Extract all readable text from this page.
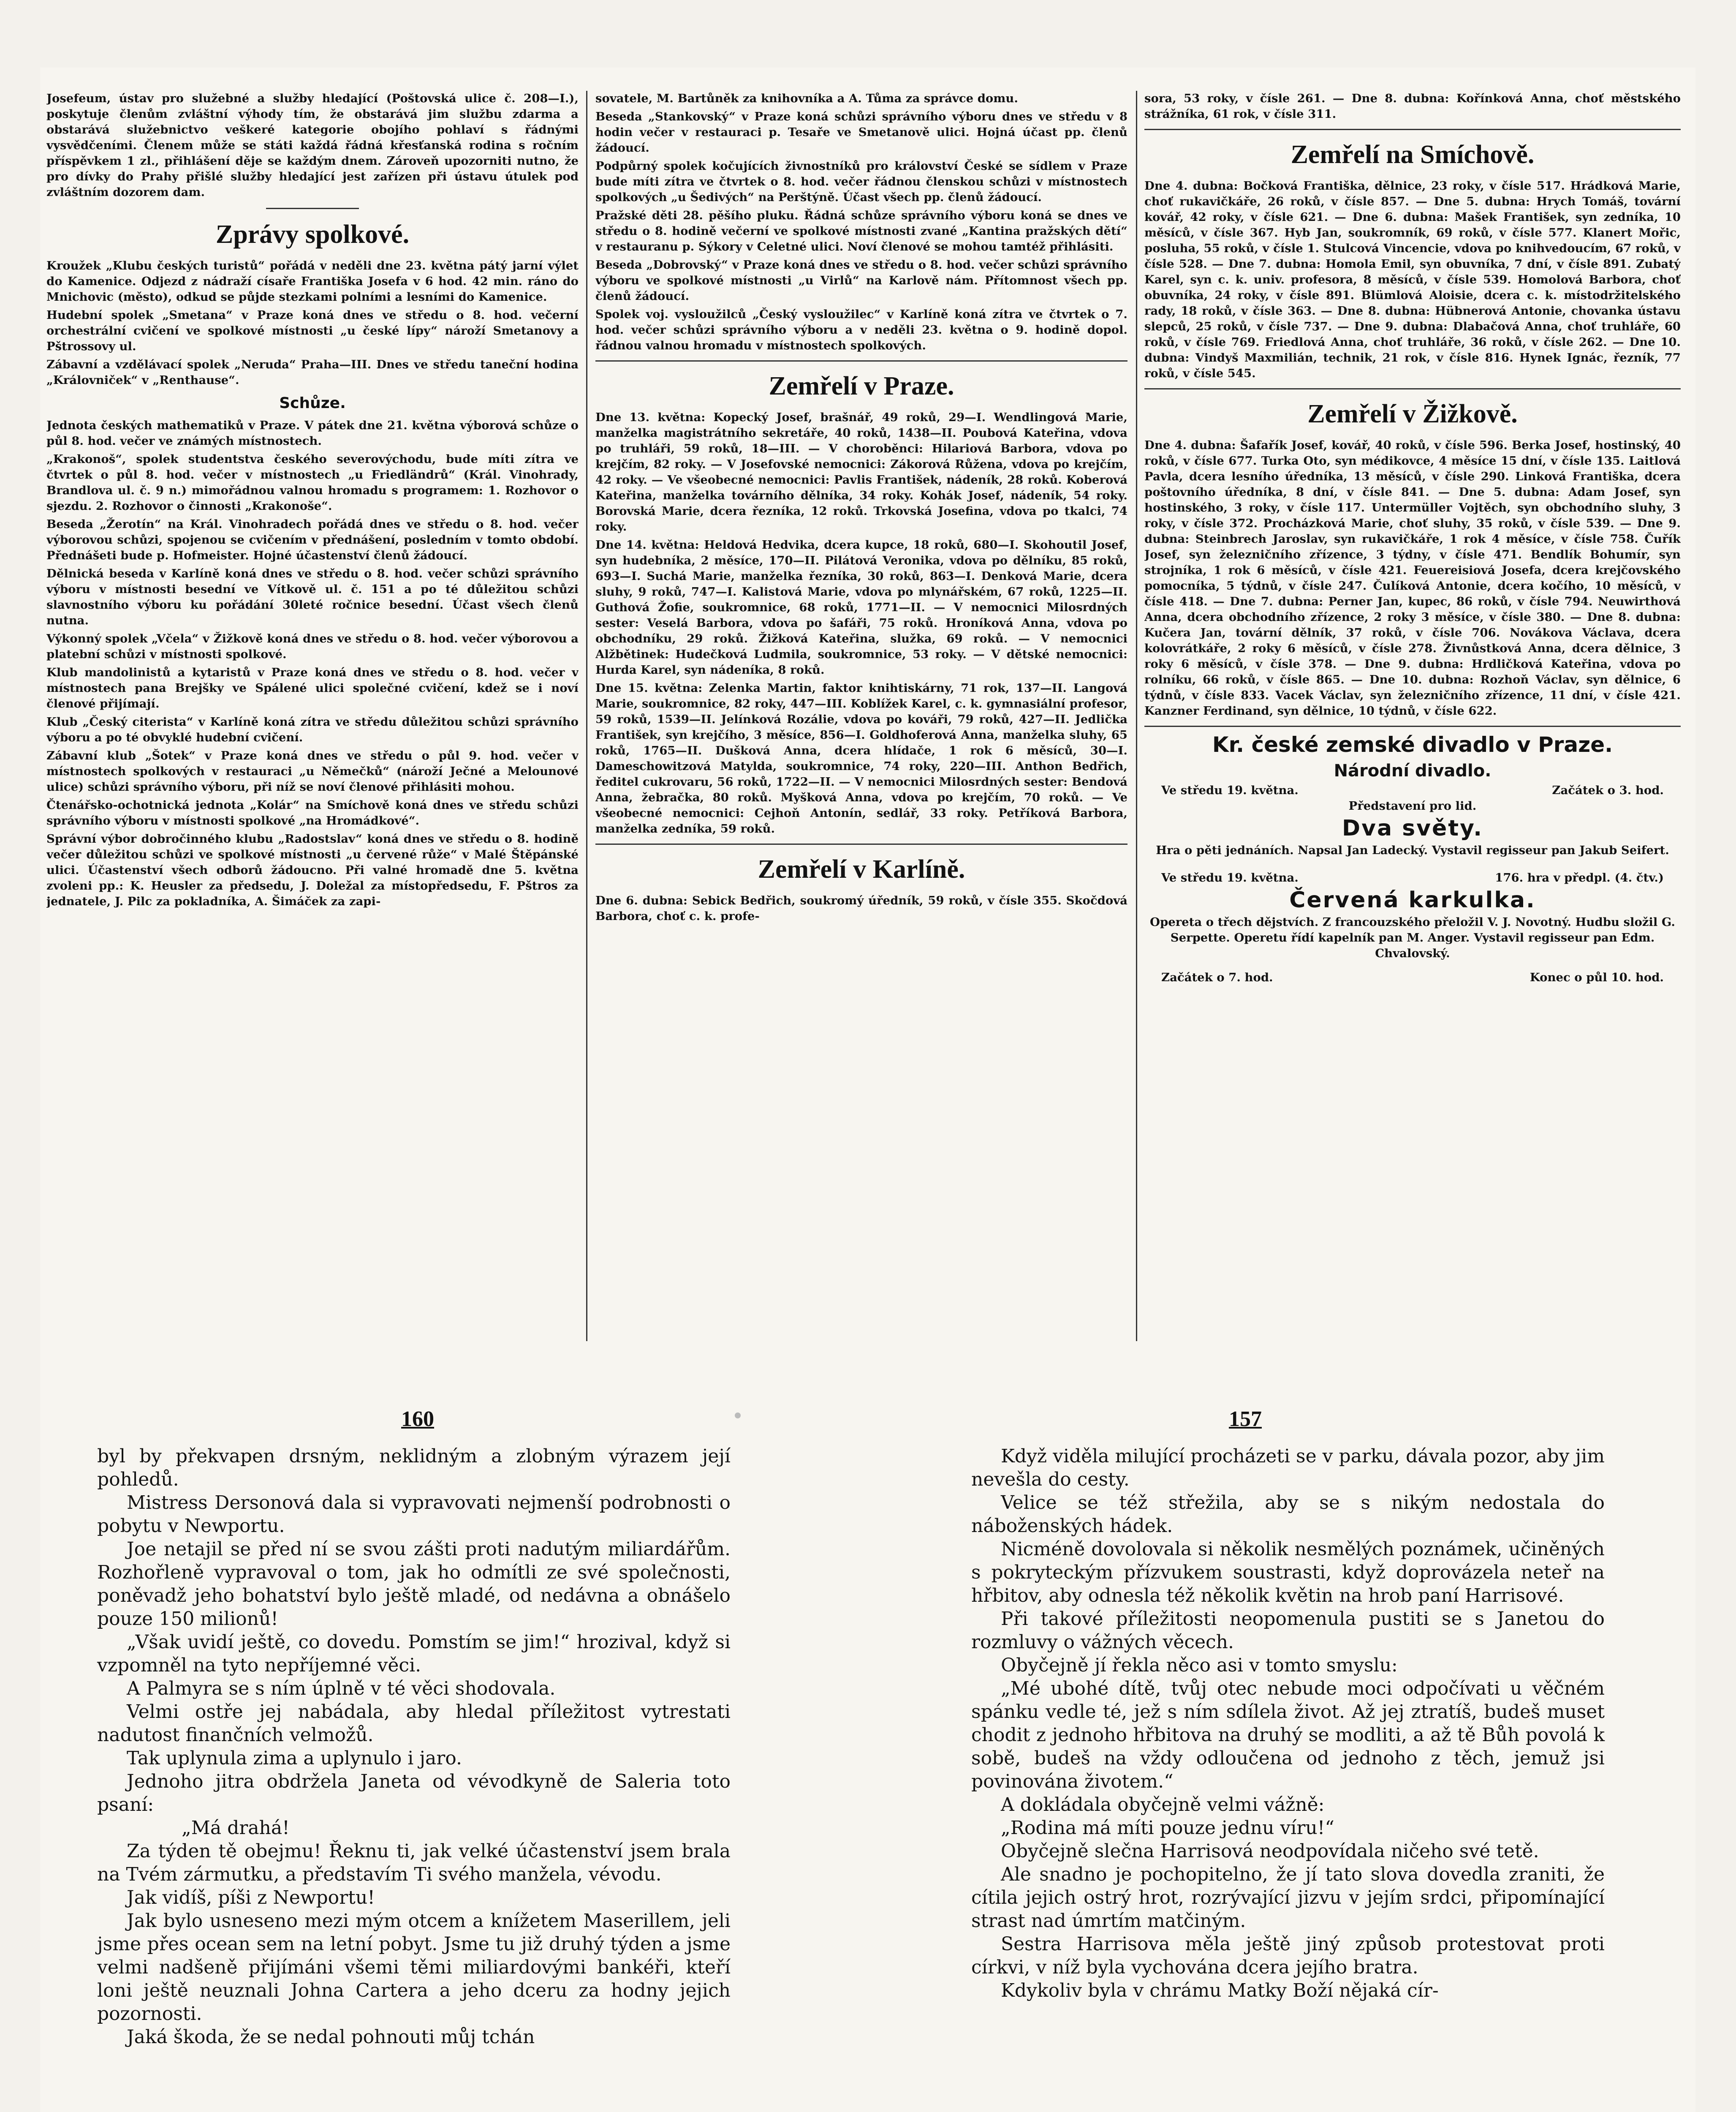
Josefeum, ústav pro služebné a služby hledající (Poštovská ulice č. 208—I.), poskytuje členům zvláštní výhody tím, že obstarává jim službu zdarma a obstarává služebnictvo veškeré kategorie obojího pohlaví s řádnými vysvědčeními. Členem může se státi každá řádná křesťanská rodina s ročním příspěvkem 1 zl., přihlášení děje se každým dnem. Zároveň upozorniti nutno, že pro dívky do Prahy přišlé služby hledající jest zařízen při ústavu útulek pod zvláštním dozorem dam.

Zprávy spolkové.

Kroužek „Klubu českých turistů“ pořádá v neděli dne 23. května pátý jarní výlet do Kamenice. Odjezd z nádraží císaře Františka Josefa v 6 hod. 42 min. ráno do Mnichovic (město), odkud se půjde stezkami polními a lesními do Kamenice.

Hudební spolek „Smetana“ v Praze koná dnes ve středu o 8. hod. večerní orchestrální cvičení ve spolkové místnosti „u české lípy“ nároží Smetanovy a Pštrossovy ul.

Zábavní a vzdělávací spolek „Neruda“ Praha—III. Dnes ve středu taneční hodina „Královniček“ v „Renthause“.

Schůze.

Jednota českých mathematiků v Praze. V pátek dne 21. května výborová schůze o půl 8. hod. večer ve známých místnostech.

„Krakonoš“, spolek studentstva českého severovýchodu, bude míti zítra ve čtvrtek o půl 8. hod. večer v místnostech „u Friedländrů“ (Král. Vinohrady, Brandlova ul. č. 9 n.) mimořádnou valnou hromadu s programem: 1. Rozhovor o sjezdu. 2. Rozhovor o činnosti „Krakonoše“.

Beseda „Žerotín“ na Král. Vinohradech pořádá dnes ve středu o 8. hod. večer výborovou schůzi, spojenou se cvičením v přednášení, posledním v tomto období. Přednášeti bude p. Hofmeister. Hojné účastenství členů žádoucí.

Dělnická beseda v Karlíně koná dnes ve středu o 8. hod. večer schůzi správního výboru v místnosti besední ve Vítkově ul. č. 151 a po té důležitou schůzi slavnostního výboru ku pořádání 30leté ročnice besední. Účast všech členů nutna.

Výkonný spolek „Včela“ v Žižkově koná dnes ve středu o 8. hod. večer výborovou a platební schůzi v místnosti spolkové.

Klub mandolinistů a kytaristů v Praze koná dnes ve středu o 8. hod. večer v místnostech pana Brejšky ve Spálené ulici společné cvičení, kdež se i noví členové přijímají.

Klub „Český citerista“ v Karlíně koná zítra ve středu důležitou schůzi správního výboru a po té obvyklé hudební cvičení.

Zábavní klub „Šotek“ v Praze koná dnes ve středu o půl 9. hod. večer v místnostech spolkových v restauraci „u Němečků“ (nároží Ječné a Melounové ulice) schůzi správního výboru, při níž se noví členové přihlásiti mohou.

Čtenářsko-ochotnická jednota „Kolár“ na Smíchově koná dnes ve středu schůzi správního výboru v místnosti spolkové „na Hromádkové“.

Správní výbor dobročinného klubu „Radostslav“ koná dnes ve středu o 8. hodině večer důležitou schůzi ve spolkové místnosti „u červené růže“ v Malé Štěpánské ulici. Účastenství všech odborů žádoucno. Při valné hromadě dne 5. května zvoleni pp.: K. Heusler za předsedu, J. Doležal za místopředsedu, F. Pštros za jednatele, J. Pilc za pokladníka, A. Šimáček za zapi-

sovatele, M. Bartůněk za knihovníka a A. Tůma za správce domu.

Beseda „Stankovský“ v Praze koná schůzi správního výboru dnes ve středu v 8 hodin večer v restauraci p. Tesaře ve Smetanově ulici. Hojná účast pp. členů žádoucí.

Podpůrný spolek kočujících živnostníků pro království České se sídlem v Praze bude míti zítra ve čtvrtek o 8. hod. večer řádnou členskou schůzi v místnostech spolkových „u Šedivých“ na Perštýně. Účast všech pp. členů žádoucí.

Pražské děti 28. pěšího pluku. Řádná schůze správního výboru koná se dnes ve středu o 8. hodině večerní ve spolkové místnosti zvané „Kantina pražských dětí“ v restauranu p. Sýkory v Celetné ulici. Noví členové se mohou tamtéž přihlásiti.

Beseda „Dobrovský“ v Praze koná dnes ve středu o 8. hod. večer schůzi správního výboru ve spolkové místnosti „u Virlů“ na Karlově nám. Přítomnost všech pp. členů žádoucí.

Spolek voj. vysloužilců „Český vysloužilec“ v Karlíně koná zítra ve čtvrtek o 7. hod. večer schůzi správního výboru a v neděli 23. května o 9. hodině dopol. řádnou valnou hromadu v místnostech spolkových.

Zemřelí v Praze.

Dne 13. května: Kopecký Josef, brašnář, 49 roků, 29—I. Wendlingová Marie, manželka magistrátního sekretáře, 40 roků, 1438—II. Poubová Kateřina, vdova po truhláři, 59 roků, 18—III. — V choroběnci: Hilariová Barbora, vdova po krejčím, 82 roky. — V Josefovské nemocnici: Zákorová Růžena, vdova po krejčím, 42 roky. — Ve všeobecné nemocnici: Pavlis František, nádeník, 28 roků. Koberová Kateřina, manželka továrního dělníka, 34 roky. Kohák Josef, nádeník, 54 roky. Borovská Marie, dcera řezníka, 12 roků. Trkovská Josefina, vdova po tkalci, 74 roky.

Dne 14. května: Heldová Hedvika, dcera kupce, 18 roků, 680—I. Skohoutil Josef, syn hudebníka, 2 měsíce, 170—II. Pilátová Veronika, vdova po dělníku, 85 roků, 693—I. Suchá Marie, manželka řezníka, 30 roků, 863—I. Denková Marie, dcera sluhy, 9 roků, 747—I. Kalistová Marie, vdova po mlynářském, 67 roků, 1225—II. Guthová Žofie, soukromnice, 68 roků, 1771—II. — V nemocnici Milosrdných sester: Veselá Barbora, vdova po šafáři, 75 roků. Hroníková Anna, vdova po obchodníku, 29 roků. Žižková Kateřina, služka, 69 roků. — V nemocnici Alžbětinek: Hudečková Ludmila, soukromnice, 53 roky. — V dětské nemocnici: Hurda Karel, syn nádeníka, 8 roků.

Dne 15. května: Zelenka Martin, faktor knihtiskárny, 71 rok, 137—II. Langová Marie, soukromnice, 82 roky, 447—III. Koblížek Karel, c. k. gymnasiální profesor, 59 roků, 1539—II. Jelínková Rozálie, vdova po kováři, 79 roků, 427—II. Jedlička František, syn krejčího, 3 měsíce, 856—I. Goldhoferová Anna, manželka sluhy, 65 roků, 1765—II. Dušková Anna, dcera hlídače, 1 rok 6 měsíců, 30—I. Dameschowitzová Matylda, soukromnice, 74 roky, 220—III. Anthon Bedřich, ředitel cukrovaru, 56 roků, 1722—II. — V nemocnici Milosrdných sester: Bendová Anna, žebračka, 80 roků. Myšková Anna, vdova po krejčím, 70 roků. — Ve všeobecné nemocnici: Cejhoň Antonín, sedlář, 33 roky. Petříková Barbora, manželka zedníka, 59 roků.

Zemřelí v Karlíně.

Dne 6. dubna: Sebick Bedřich, soukromý úředník, 59 roků, v čísle 355. Skočdová Barbora, choť c. k. profe-

sora, 53 roky, v čísle 261. — Dne 8. dubna: Kořínková Anna, choť městského strážníka, 61 rok, v čísle 311.

Zemřelí na Smíchově.

Dne 4. dubna: Bočková Františka, dělnice, 23 roky, v čísle 517. Hrádková Marie, choť rukavičkáře, 26 roků, v čísle 857. — Dne 5. dubna: Hrych Tomáš, tovární kovář, 42 roky, v čísle 621. — Dne 6. dubna: Mašek František, syn zedníka, 10 měsíců, v čísle 367. Hyb Jan, soukromník, 69 roků, v čísle 577. Klanert Mořic, posluha, 55 roků, v čísle 1. Stulcová Vincencie, vdova po knihvedoucím, 67 roků, v čísle 528. — Dne 7. dubna: Homola Emil, syn obuvníka, 7 dní, v čísle 891. Zubatý Karel, syn c. k. univ. profesora, 8 měsíců, v čísle 539. Homolová Barbora, choť obuvníka, 24 roky, v čísle 891. Blümlová Aloisie, dcera c. k. místodržitelského rady, 18 roků, v čísle 363. — Dne 8. dubna: Hübnerová Antonie, chovanka ústavu slepců, 25 roků, v čísle 737. — Dne 9. dubna: Dlabačová Anna, choť truhláře, 60 roků, v čísle 769. Friedlová Anna, choť truhláře, 36 roků, v čísle 262. — Dne 10. dubna: Vindyš Maxmilián, technik, 21 rok, v čísle 816. Hynek Ignác, řezník, 77 roků, v čísle 545.

Zemřelí v Žižkově.

Dne 4. dubna: Šafařík Josef, kovář, 40 roků, v čísle 596. Berka Josef, hostinský, 40 roků, v čísle 677. Turka Oto, syn médikovce, 4 měsíce 15 dní, v čísle 135. Laitlová Pavla, dcera lesního úředníka, 13 měsíců, v čísle 290. Linková Františka, dcera poštovního úředníka, 8 dní, v čísle 841. — Dne 5. dubna: Adam Josef, syn hostinského, 3 roky, v čísle 117. Untermüller Vojtěch, syn obchodního sluhy, 3 roky, v čísle 372. Procházková Marie, choť sluhy, 35 roků, v čísle 539. — Dne 9. dubna: Steinbrech Jaroslav, syn rukavičkáře, 1 rok 4 měsíce, v čísle 758. Čuřík Josef, syn železničního zřízence, 3 týdny, v čísle 471. Bendlík Bohumír, syn strojníka, 1 rok 6 měsíců, v čísle 421. Feuereisiová Josefa, dcera krejčovského pomocníka, 5 týdnů, v čísle 247. Čulíková Antonie, dcera kočího, 10 měsíců, v čísle 418. — Dne 7. dubna: Perner Jan, kupec, 86 roků, v čísle 794. Neuwirthová Anna, dcera obchodního zřízence, 2 roky 3 měsíce, v čísle 380. — Dne 8. dubna: Kučera Jan, tovární dělník, 37 roků, v čísle 706. Novákova Václava, dcera kolovrátkáře, 2 roky 6 měsíců, v čísle 278. Živnůstková Anna, dcera dělnice, 3 roky 6 měsíců, v čísle 378. — Dne 9. dubna: Hrdličková Kateřina, vdova po rolníku, 66 roků, v čísle 865. — Dne 10. dubna: Rozhoň Václav, syn dělnice, 6 týdnů, v čísle 833. Vacek Václav, syn železničního zřízence, 11 dní, v čísle 421. Kanzner Ferdinand, syn dělnice, 10 týdnů, v čísle 622.

Kr. české zemské divadlo v Praze.
Národní divadlo.
Ve středu 19. května.	Začátek o 3. hod.
Představení pro lid.
Dva světy.
Hra o pěti jednáních. Napsal Jan Ladecký. Vystavil regisseur pan Jakub Seifert.
Ve středu 19. května.	176. hra v předpl. (4. čtv.)
Červená karkulka.
Opereta o třech dějstvích. Z francouzského přeložil V. J. Novotný. Hudbu složil G. Serpette. Operetu řídí kapelník pan M. Anger. Vystavil regisseur pan Edm. Chvalovský.
Začátek o 7. hod.	Konec o půl 10. hod.
160	157

byl by překvapen drsným, neklidným a zlobným výrazem její pohledů.

Mistress Dersonová dala si vypravovati nejmenší podrobnosti o pobytu v Newportu.

Joe netajil se před ní se svou zášti proti nadutým miliardářům. Rozhořleně vypravoval o tom, jak ho odmítli ze své společnosti, poněvadž jeho bohatství bylo ještě mladé, od nedávna a obnášelo pouze 150 milionů!

„Však uvidí ještě, co dovedu. Pomstím se jim!“ hrozival, když si vzpomněl na tyto nepříjemné věci.

A Palmyra se s ním úplně v té věci shodovala.

Velmi ostře jej nabádala, aby hledal příležitost vytrestati nadutost finančních velmožů.

Tak uplynula zima a uplynulo i jaro.

Jednoho jitra obdržela Janeta od vévodkyně de Saleria toto psaní:

„Má drahá!

Za týden tě obejmu! Řeknu ti, jak velké účastenství jsem brala na Tvém zármutku, a představím Ti svého manžela, vévodu.

Jak vidíš, píši z Newportu!

Jak bylo usneseno mezi mým otcem a knížetem Maserillem, jeli jsme přes ocean sem na letní pobyt. Jsme tu již druhý týden a jsme velmi nadšeně přijímáni všemi těmi miliardovými bankéři, kteří loni ještě neuznali Johna Cartera a jeho dceru za hodny jejich pozornosti.

Jaká škoda, že se nedal pohnouti můj tchán

Když viděla milující procházeti se v parku, dávala pozor, aby jim nevešla do cesty.

Velice se též střežila, aby se s nikým nedostala do náboženských hádek.

Nicméně dovolovala si několik nesmělých poznámek, učiněných s pokryteckým přízvukem soustrasti, když doprovázela neteř na hřbitov, aby odnesla též několik květin na hrob paní Harrisové.

Při takové příležitosti neopomenula pustiti se s Janetou do rozmluvy o vážných věcech.

Obyčejně jí řekla něco asi v tomto smyslu:

„Mé ubohé dítě, tvůj otec nebude moci odpočívati u věčném spánku vedle té, jež s ním sdílela život. Až jej ztratíš, budeš muset chodit z jednoho hřbitova na druhý se modliti, a až tě Bůh povolá k sobě, budeš na vždy odloučena od jednoho z těch, jemuž jsi povinována životem.“

A dokládala obyčejně velmi vážně:

„Rodina má míti pouze jednu víru!“

Obyčejně slečna Harrisová neodpovídala ničeho své tetě.

Ale snadno je pochopitelno, že jí tato slova dovedla zraniti, že cítila jejich ostrý hrot, rozrývající jizvu v jejím srdci, připomínající strast nad úmrtím matčiným.

Sestra Harrisova měla ještě jiný způsob protestovat proti církvi, v níž byla vychována dcera jejího bratra.

Kdykoliv byla v chrámu Matky Boží nějaká cír-
